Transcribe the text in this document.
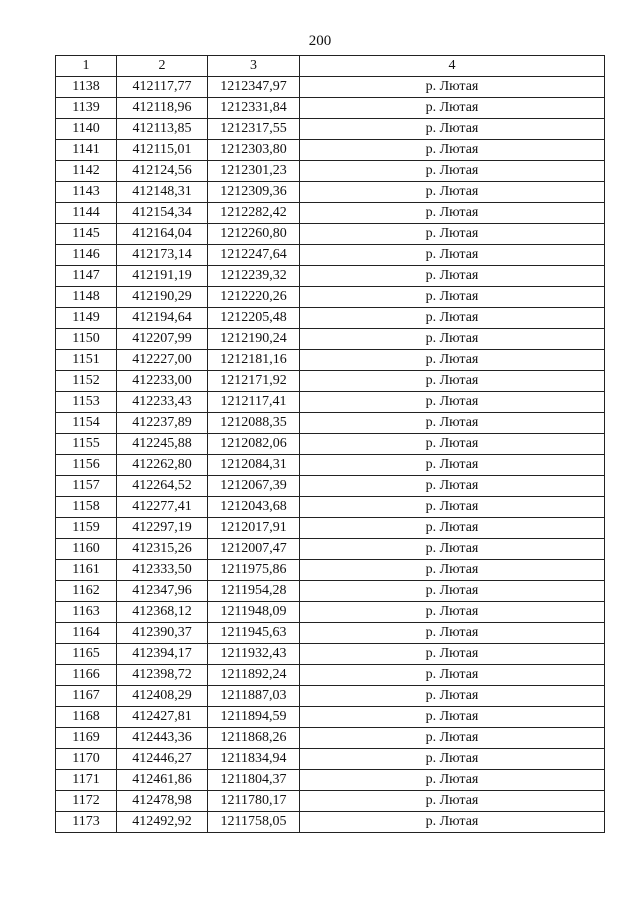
200
1	2	3	4
1138	412117,77	1212347,97	р. Лютая
1139	412118,96	1212331,84	р. Лютая
1140	412113,85	1212317,55	р. Лютая
1141	412115,01	1212303,80	р. Лютая
1142	412124,56	1212301,23	р. Лютая
1143	412148,31	1212309,36	р. Лютая
1144	412154,34	1212282,42	р. Лютая
1145	412164,04	1212260,80	р. Лютая
1146	412173,14	1212247,64	р. Лютая
1147	412191,19	1212239,32	р. Лютая
1148	412190,29	1212220,26	р. Лютая
1149	412194,64	1212205,48	р. Лютая
1150	412207,99	1212190,24	р. Лютая
1151	412227,00	1212181,16	р. Лютая
1152	412233,00	1212171,92	р. Лютая
1153	412233,43	1212117,41	р. Лютая
1154	412237,89	1212088,35	р. Лютая
1155	412245,88	1212082,06	р. Лютая
1156	412262,80	1212084,31	р. Лютая
1157	412264,52	1212067,39	р. Лютая
1158	412277,41	1212043,68	р. Лютая
1159	412297,19	1212017,91	р. Лютая
1160	412315,26	1212007,47	р. Лютая
1161	412333,50	1211975,86	р. Лютая
1162	412347,96	1211954,28	р. Лютая
1163	412368,12	1211948,09	р. Лютая
1164	412390,37	1211945,63	р. Лютая
1165	412394,17	1211932,43	р. Лютая
1166	412398,72	1211892,24	р. Лютая
1167	412408,29	1211887,03	р. Лютая
1168	412427,81	1211894,59	р. Лютая
1169	412443,36	1211868,26	р. Лютая
1170	412446,27	1211834,94	р. Лютая
1171	412461,86	1211804,37	р. Лютая
1172	412478,98	1211780,17	р. Лютая
1173	412492,92	1211758,05	р. Лютая
